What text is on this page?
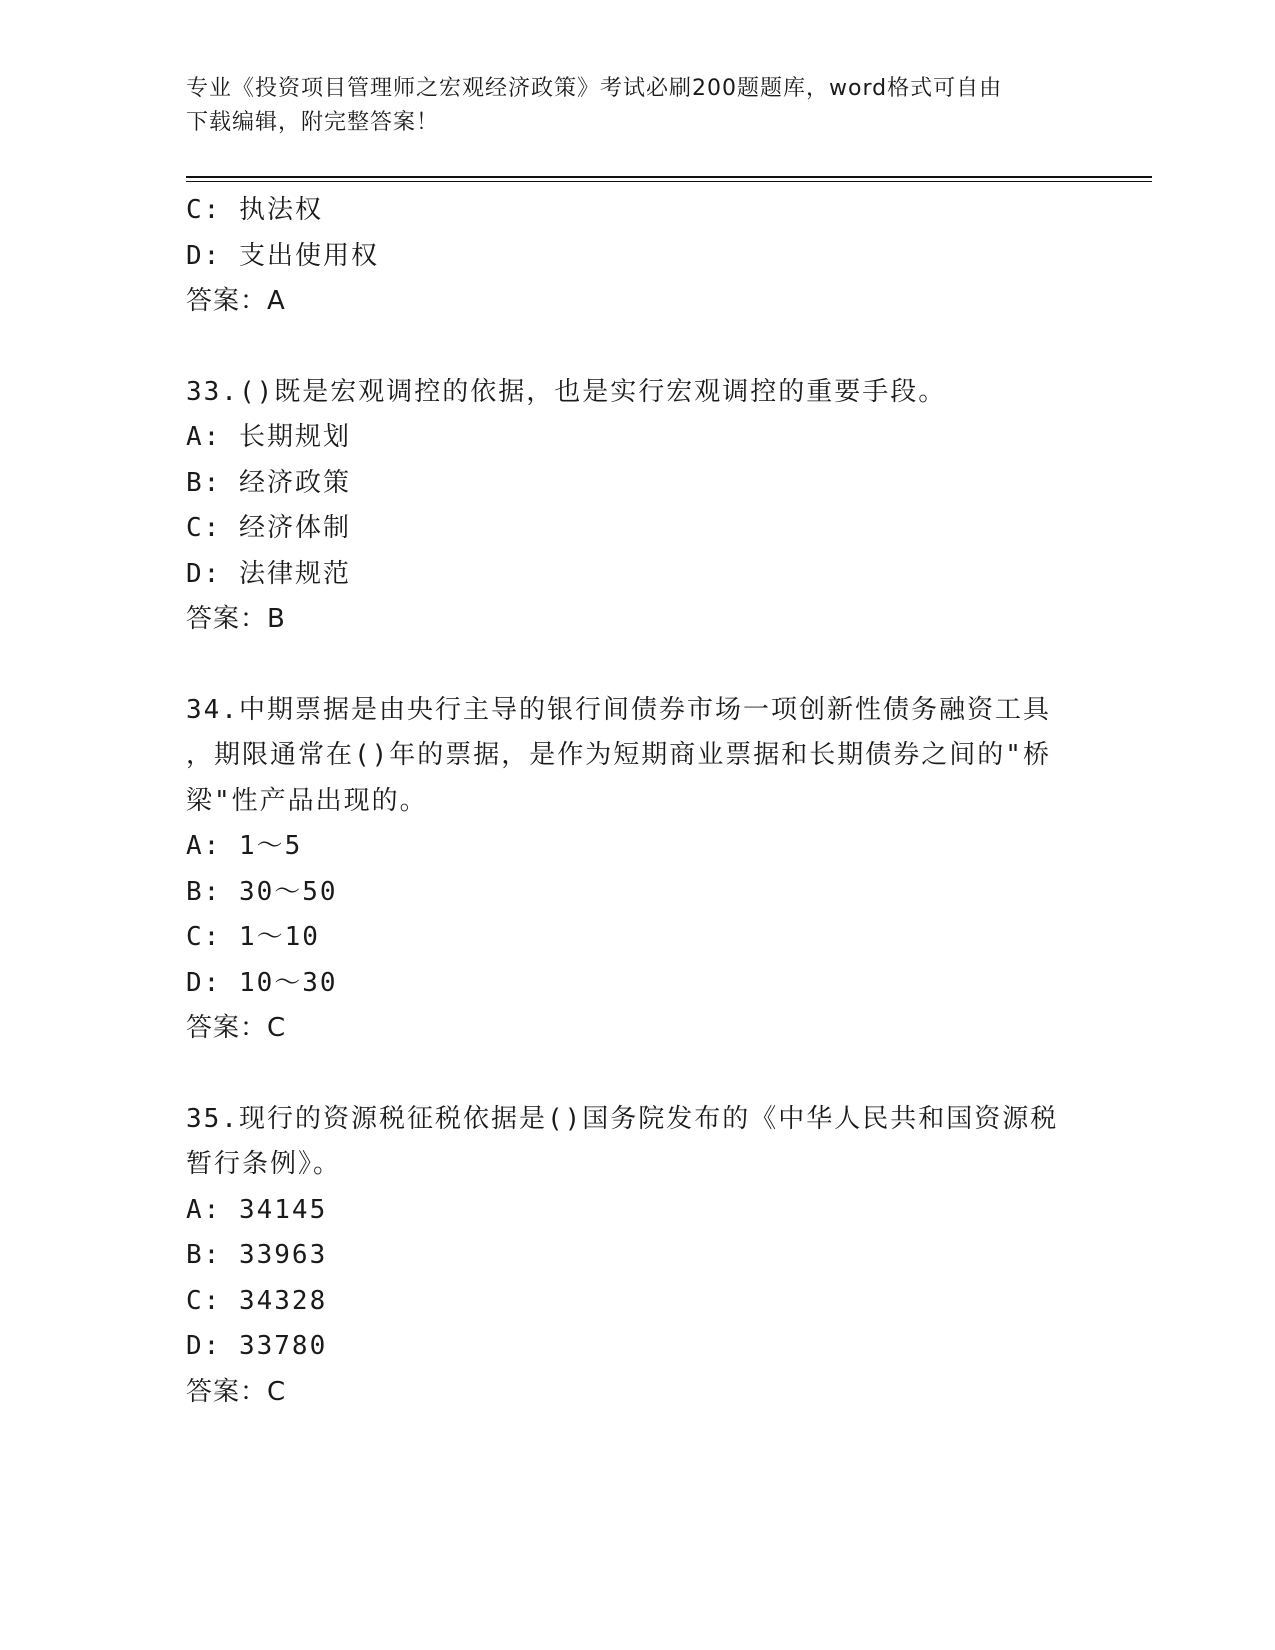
专业《投资项目管理师之宏观经济政策》考试必刷200题题库，word格式可自由
下载编辑，附完整答案！
C: 执法权
D: 支出使用权
答案：A
33.()既是宏观调控的依据，也是实行宏观调控的重要手段。
A: 长期规划
B: 经济政策
C: 经济体制
D: 法律规范
答案：B
34.中期票据是由央行主导的银行间债券市场一项创新性债务融资工具
，期限通常在()年的票据，是作为短期商业票据和长期债券之间的"桥
梁"性产品出现的。
A: 1～5
B: 30～50
C: 1～10
D: 10～30
答案：C
35.现行的资源税征税依据是()国务院发布的《中华人民共和国资源税
暂行条例》。
A: 34145
B: 33963
C: 34328
D: 33780
答案：C
